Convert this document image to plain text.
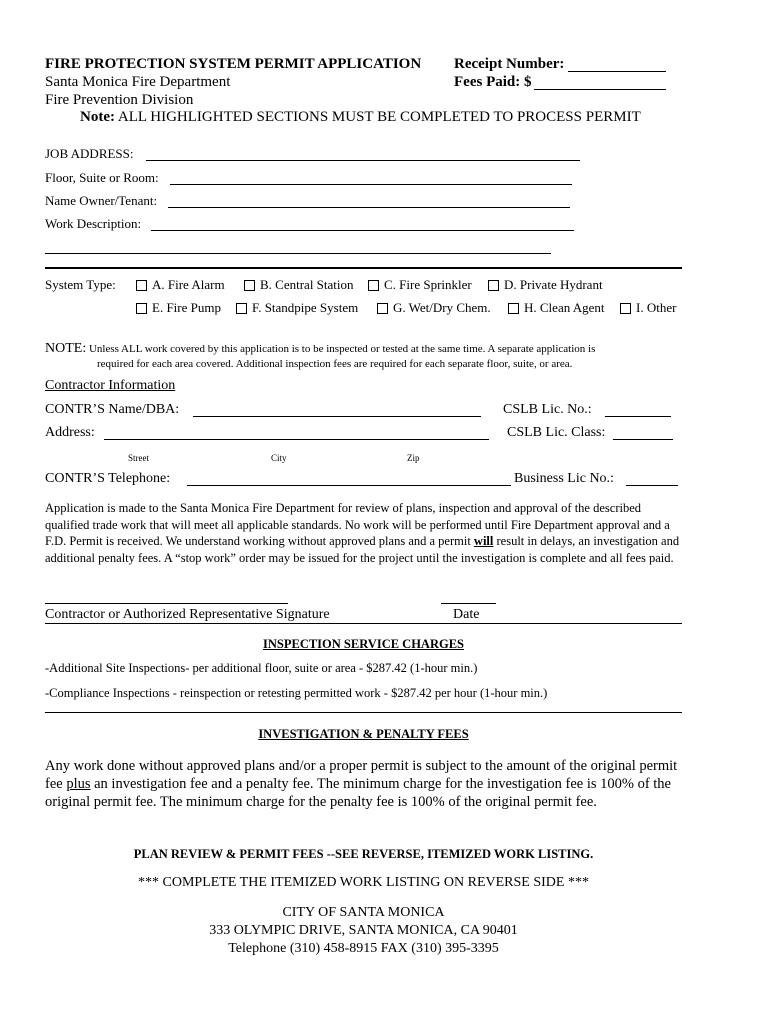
FIRE PROTECTION SYSTEM PERMIT APPLICATION
Santa Monica Fire Department
Fire Prevention Division
Note: ALL HIGHLIGHTED SECTIONS MUST BE COMPLETED TO PROCESS PERMIT
Receipt Number:
Fees Paid: $
JOB ADDRESS:
Floor, Suite or Room:
Name Owner/Tenant:
Work Description:
System Type:	A. Fire Alarm	B. Central Station C. Fire Sprinkler D. Private Hydrant
E. Fire Pump F. Standpipe System	G. Wet/Dry Chem.	H. Clean Agent I. Other
NOTE: Unless ALL work covered by this application is to be inspected or tested at the same time. A separate application is
required for each area covered. Additional inspection fees are required for each separate floor, suite, or area.
Contractor Information
CONTR’S Name/DBA:	CSLB Lic. No.:
Address:	CSLB Lic. Class:
Street	City	Zip
CONTR’S Telephone:	Business Lic No.:
Application is made to the Santa Monica Fire Department for review of plans, inspection and approval of the described qualified trade work that will meet all applicable standards. No work will be performed until Fire Department approval and a F.D. Permit is received. We understand working without approved plans and a permit will result in delays, an investigation and additional penalty fees. A “stop work” order may be issued for the project until the investigation is complete and all fees paid.
Contractor or Authorized Representative Signature	Date
INSPECTION SERVICE CHARGES
-Additional Site Inspections- per additional floor, suite or area - $287.42 (1-hour min.)
-Compliance Inspections - reinspection or retesting permitted work - $287.42 per hour (1-hour min.)
INVESTIGATION & PENALTY FEES
Any work done without approved plans and/or a proper permit is subject to the amount of the original permit fee plus an investigation fee and a penalty fee. The minimum charge for the investigation fee is 100% of the original permit fee. The minimum charge for the penalty fee is 100% of the original permit fee.
PLAN REVIEW & PERMIT FEES --SEE REVERSE, ITEMIZED WORK LISTING.
*** COMPLETE THE ITEMIZED WORK LISTING ON REVERSE SIDE ***
CITY OF SANTA MONICA
333 OLYMPIC DRIVE, SANTA MONICA, CA 90401
Telephone (310) 458-8915 FAX (310) 395-3395
